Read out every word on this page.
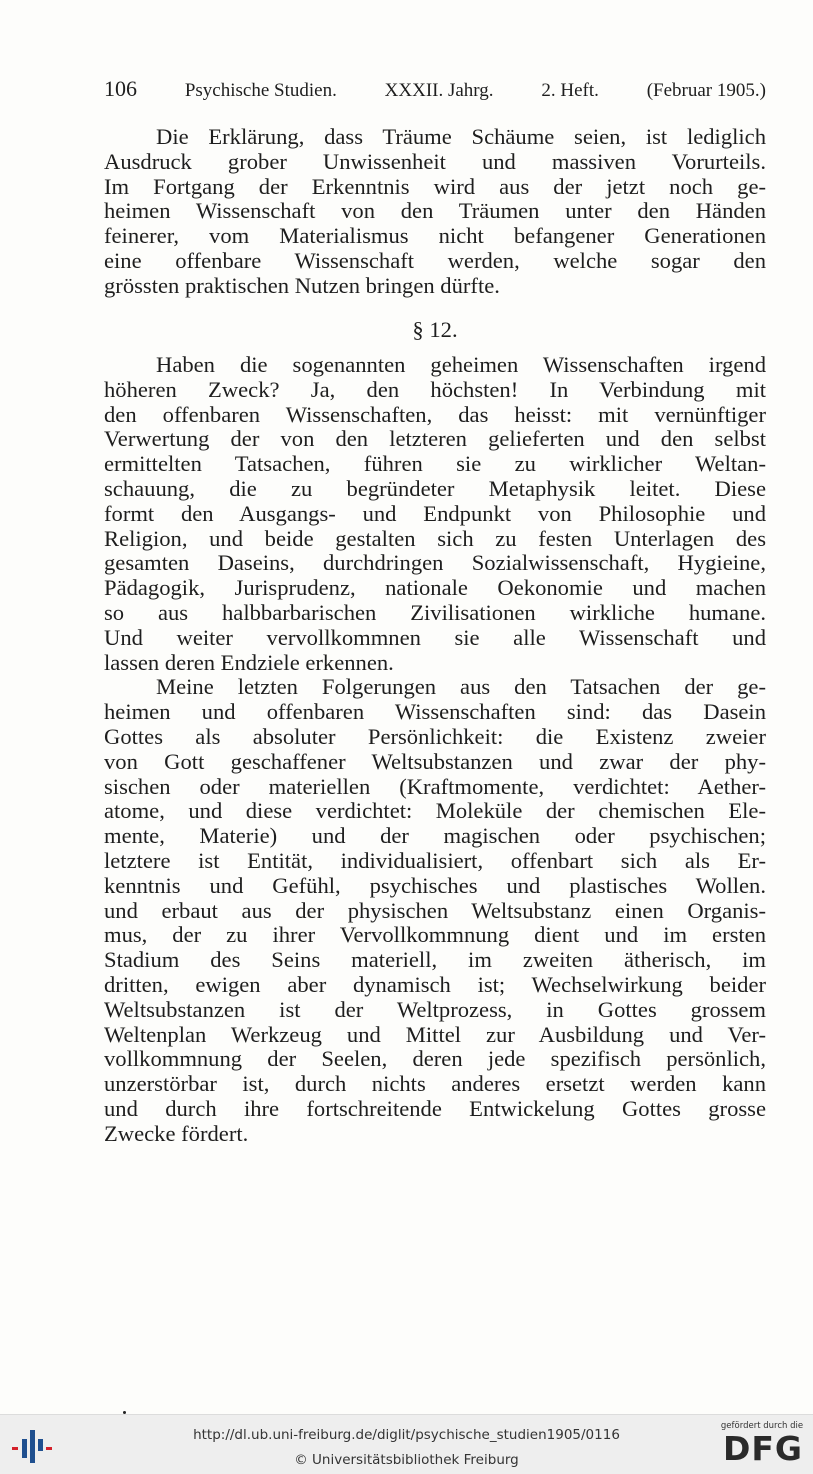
106	Psychische Studien.	XXXII. Jahrg.	2. Heft.	(Februar 1905.)
Die Erklärung, dass Träume Schäume seien, ist lediglich
Ausdruck grober Unwissenheit und massiven Vorurteils.
Im Fortgang der Erkenntnis wird aus der jetzt noch ge-
heimen Wissenschaft von den Träumen unter den Händen
feinerer, vom Materialismus nicht befangener Generationen
eine offenbare Wissenschaft werden, welche sogar den
grössten praktischen Nutzen bringen dürfte.
§ 12.
Haben die sogenannten geheimen Wissenschaften irgend
höheren Zweck? Ja, den höchsten! In Verbindung mit
den offenbaren Wissenschaften, das heisst: mit vernünftiger
Verwertung der von den letzteren gelieferten und den selbst
ermittelten Tatsachen, führen sie zu wirklicher Weltan-
schauung, die zu begründeter Metaphysik leitet. Diese
formt den Ausgangs- und Endpunkt von Philosophie und
Religion, und beide gestalten sich zu festen Unterlagen des
gesamten Daseins, durchdringen Sozialwissenschaft, Hygieine,
Pädagogik, Jurisprudenz, nationale Oekonomie und machen
so aus halbbarbarischen Zivilisationen wirkliche humane.
Und weiter vervollkommnen sie alle Wissenschaft und
lassen deren Endziele erkennen.
Meine letzten Folgerungen aus den Tatsachen der ge-
heimen und offenbaren Wissenschaften sind: das Dasein
Gottes als absoluter Persönlichkeit: die Existenz zweier
von Gott geschaffener Weltsubstanzen und zwar der phy-
sischen oder materiellen (Kraftmomente, verdichtet: Aether-
atome, und diese verdichtet: Moleküle der chemischen Ele-
mente, Materie) und der magischen oder psychischen;
letztere ist Entität, individualisiert, offenbart sich als Er-
kenntnis und Gefühl, psychisches und plastisches Wollen.
und erbaut aus der physischen Weltsubstanz einen Organis-
mus, der zu ihrer Vervollkommnung dient und im ersten
Stadium des Seins materiell, im zweiten ätherisch, im
dritten, ewigen aber dynamisch ist; Wechselwirkung beider
Weltsubstanzen ist der Weltprozess, in Gottes grossem
Weltenplan Werkzeug und Mittel zur Ausbildung und Ver-
vollkommnung der Seelen, deren jede spezifisch persönlich,
unzerstörbar ist, durch nichts anderes ersetzt werden kann
und durch ihre fortschreitende Entwickelung Gottes grosse
Zwecke fördert.
http://dl.ub.uni-freiburg.de/diglit/psychische_studien1905/0116
© Universitätsbibliothek Freiburg
gefördert durch die
DFG
